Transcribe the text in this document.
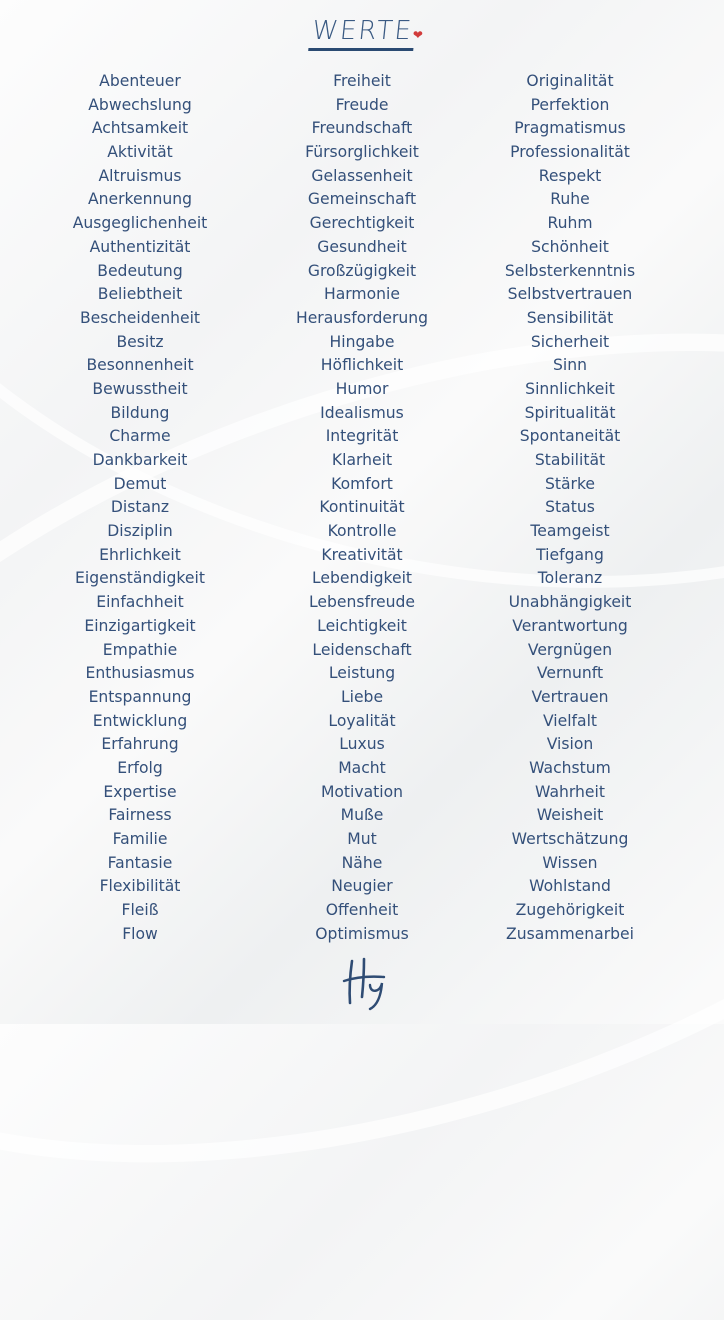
WERTE
❤
Abenteuer
Abwechslung
Achtsamkeit
Aktivität
Altruismus
Anerkennung
Ausgeglichenheit
Authentizität
Bedeutung
Beliebtheit
Bescheidenheit
Besitz
Besonnenheit
Bewusstheit
Bildung
Charme
Dankbarkeit
Demut
Distanz
Disziplin
Ehrlichkeit
Eigenständigkeit
Einfachheit
Einzigartigkeit
Empathie
Enthusiasmus
Entspannung
Entwicklung
Erfahrung
Erfolg
Expertise
Fairness
Familie
Fantasie
Flexibilität
Fleiß
Flow
Freiheit
Freude
Freundschaft
Fürsorglichkeit
Gelassenheit
Gemeinschaft
Gerechtigkeit
Gesundheit
Großzügigkeit
Harmonie
Herausforderung
Hingabe
Höflichkeit
Humor
Idealismus
Integrität
Klarheit
Komfort
Kontinuität
Kontrolle
Kreativität
Lebendigkeit
Lebensfreude
Leichtigkeit
Leidenschaft
Leistung
Liebe
Loyalität
Luxus
Macht
Motivation
Muße
Mut
Nähe
Neugier
Offenheit
Optimismus
Originalität
Perfektion
Pragmatismus
Professionalität
Respekt
Ruhe
Ruhm
Schönheit
Selbsterkenntnis
Selbstvertrauen
Sensibilität
Sicherheit
Sinn
Sinnlichkeit
Spiritualität
Spontaneität
Stabilität
Stärke
Status
Teamgeist
Tiefgang
Toleranz
Unabhängigkeit
Verantwortung
Vergnügen
Vernunft
Vertrauen
Vielfalt
Vision
Wachstum
Wahrheit
Weisheit
Wertschätzung
Wissen
Wohlstand
Zugehörigkeit
Zusammenarbei
